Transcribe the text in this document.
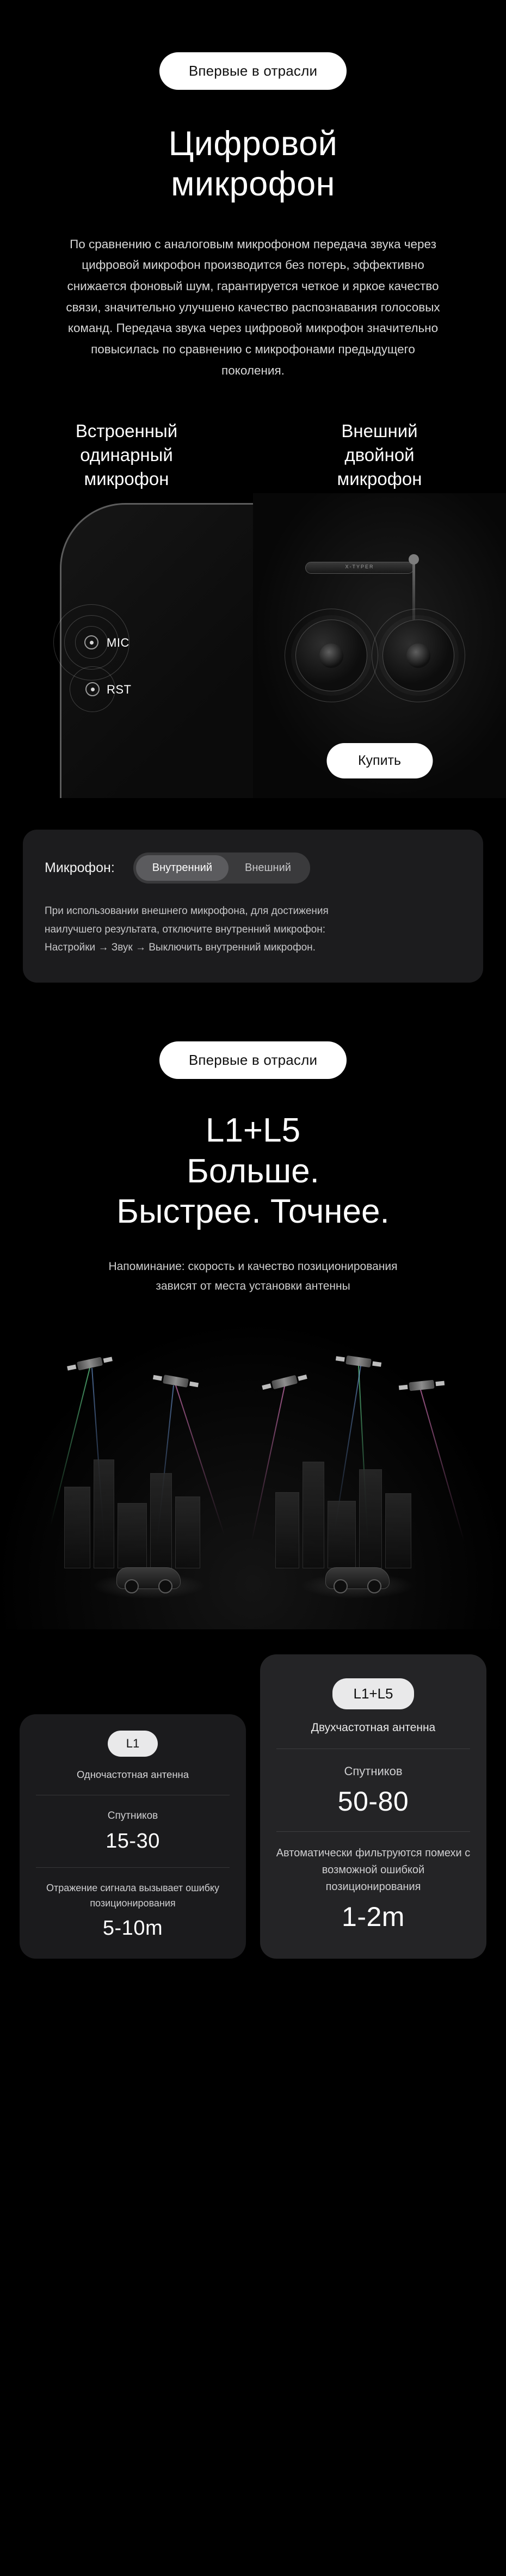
Впервые в отрасли
Цифровой
микрофон

По сравнению с аналоговым микрофоном передача звука через цифровой микрофон производится без потерь, эффективно снижается фоновый шум, гарантируется четкое и яркое качество связи, значительно улучшено качество распознавания голосовых команд. Передача звука через цифровой микрофон значительно повысилась по сравнению с микрофонами предыдущего поколения.

Встроенный
одинарный
микрофон
MIC
RST
Внешний
двойной
микрофон
X-TYPER
Купить
Микрофон:	Внутренний	Внешний
При использовании внешнего микрофона, для достижения
наилучшего результата, отключите внутренний микрофон:
Настройки → Звук → Выключить внутренний микрофон.
Впервые в отрасли
L1+L5
Больше.
Быстрее. Точнее.

Напоминание: скорость и качество позиционирования
зависят от места установки антенны

L1
Одночастотная антенна
Спутников
15-30
Отражение сигнала вызывает ошибку позиционирования
5-10m
L1+L5
Двухчастотная антенна
Спутников
50-80
Автоматически фильтруются помехи с возможной ошибкой позиционирования
1-2m
